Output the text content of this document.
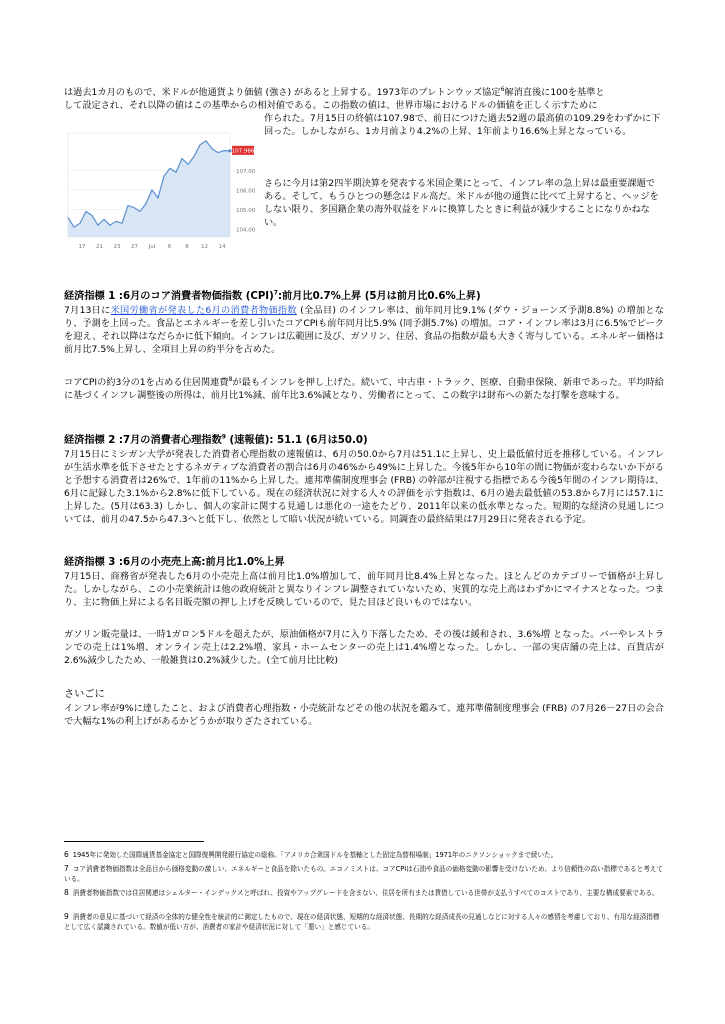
は過去1カ月のもので、米ドルが他通貨より価値 (強さ) があると上昇する。1973年のブレトンウッズ協定$^6$解消直後に100を基準と
して設定され、それ以降の値はこの基準からの相対値である。この指数の値は、世界市場におけるドルの価値を正しく示すために

104.00
105.00
106.00
107.00
17 21 23 27 Jul 6	8 12 14
107.986

作られた。7月15日の終値は107.98で、前日につけた過去52週の最高値の109.29をわずかに下回った。しかしながら、1カ月前より4.2%の上昇、1年前より16.6%上昇となっている。

さらに今月は第2四半期決算を発表する米国企業にとって、インフレ率の急上昇は最重要課題である。そして、もうひとつの懸念はドル高だ。米ドルが他の通貨に比べて上昇すると、ヘッジをしない限り、多国籍企業の海外収益をドルに換算したときに利益が減少することになりかねない。

経済指標 1 :6月のコア消費者物価指数 (CPI)$^7$:前月比0.7%上昇 (5月は前月比0.6%上昇)

7月13日に米国労働省が発表した6月の消費者物価指数 (全品目) のインフレ率は、前年同月比9.1% (ダウ・ジョーンズ予測8.8%) の増加となり、予測を上回った。食品とエネルギーを差し引いたコアCPIも前年同月比5.9% (同予測5.7%) の増加。コア・インフレ率は3月に6.5%でピークを迎え、それ以降はなだらかに低下傾向。インフレは広範囲に及び、ガソリン、住居、食品の指数が最も大きく寄与している。エネルギー価格は前月比7.5%上昇し、全項目上昇の約半分を占めた。

コアCPIの約3分の1を占める住居関連費$^8$が最もインフレを押し上げた。続いて、中古車・トラック、医療、自動車保険、新車であった。平均時給に基づくインフレ調整後の所得は、前月比1%減、前年比3.6%減となり、労働者にとって、この数字は財布への新たな打撃を意味する。

経済指標 2 :7月の消費者心理指数$^9$ (速報値): 51.1 (6月は50.0)

7月15日にミシガン大学が発表した消費者心理指数の速報値は、6月の50.0から7月は51.1に上昇し、史上最低値付近を推移している。インフレが生活水準を低下させたとするネガティブな消費者の割合は6月の46%から49%に上昇した。今後5年から10年の間に物価が変わらないか下がると予想する消費者は26%で、1年前の11%から上昇した。連邦準備制度理事会 (FRB) の幹部が注視する指標である今後5年間のインフレ期待は、6月に記録した3.1%から2.8%に低下している。現在の経済状況に対する人々の評価を示す指数は、6月の過去最低値の53.8から7月には57.1に上昇した。(5月は63.3) しかし、個人の家計に関する見通しは悪化の一途をたどり、2011年以来の低水準となった。短期的な経済の見通しについては、前月の47.5から47.3へと低下し、依然として暗い状況が続いている。同調査の最終結果は7月29日に発表される予定。

経済指標 3 :6月の小売売上高:前月比1.0%上昇

7月15日、商務省が発表した6月の小売売上高は前月比1.0%増加して、前年同月比8.4%上昇となった。ほとんどのカテゴリーで価格が上昇した。しかしながら、この小売業統計は他の政府統計と異なりインフレ調整されていないため、実質的な売上高はわずかにマイナスとなった。つまり、主に物価上昇による名目販売額の押し上げを反映しているので、見た目ほど良いものではない。

ガソリン販売量は、一時1ガロン5ドルを超えたが、原油価格が7月に入り下落したため、その後は緩和され、3.6%増 となった。バーやレストランでの売上は1%増、オンライン売上は2.2%増、家具・ホームセンターの売上は1.4%増となった。しかし、一部の実店舗の売上は、百貨店が2.6%減少したため、一般雑貨は0.2%減少した。(全て前月比比較)

さいごに

インフレ率が9%に達したこと、および消費者心理指数・小売統計などその他の状況を鑑みて、連邦準備制度理事会 (FRB) の7月26－27日の会合で大幅な1%の利上げがあるかどうかが取りざたされている。

6 1945年に発効した国際通貨基金協定と国際復興開発銀行協定の総称。「アメリカ合衆国ドルを基軸とした固定為替相場制」1971年のニクソンショックまで続いた。

7 コア消費者物価指数は全品目から価格変動の激しい、エネルギーと食品を除いたもの。エコノミストは、コアCPIは石油や食品の価格変動の影響を受けないため、より信頼性の高い指標であると考えている。

8 消費者物価指数では住居関連はシェルター・インデックスと呼ばれ、投資やアップグレードを含まない、住居を所有または賃借している世帯が支払うすべてのコストであり、主要な構成要素である。

9 消費者の意見に基づいて経済の全体的な健全性を統計的に測定したもので、現在の経済状態、短期的な経済状態、長期的な経済成長の見通しなどに対する人々の感情を考慮しており、有用な経済指標として広く認識されている。数値が低い方が、消費者の家計や経済状況に対して「悪い」と感じている。
